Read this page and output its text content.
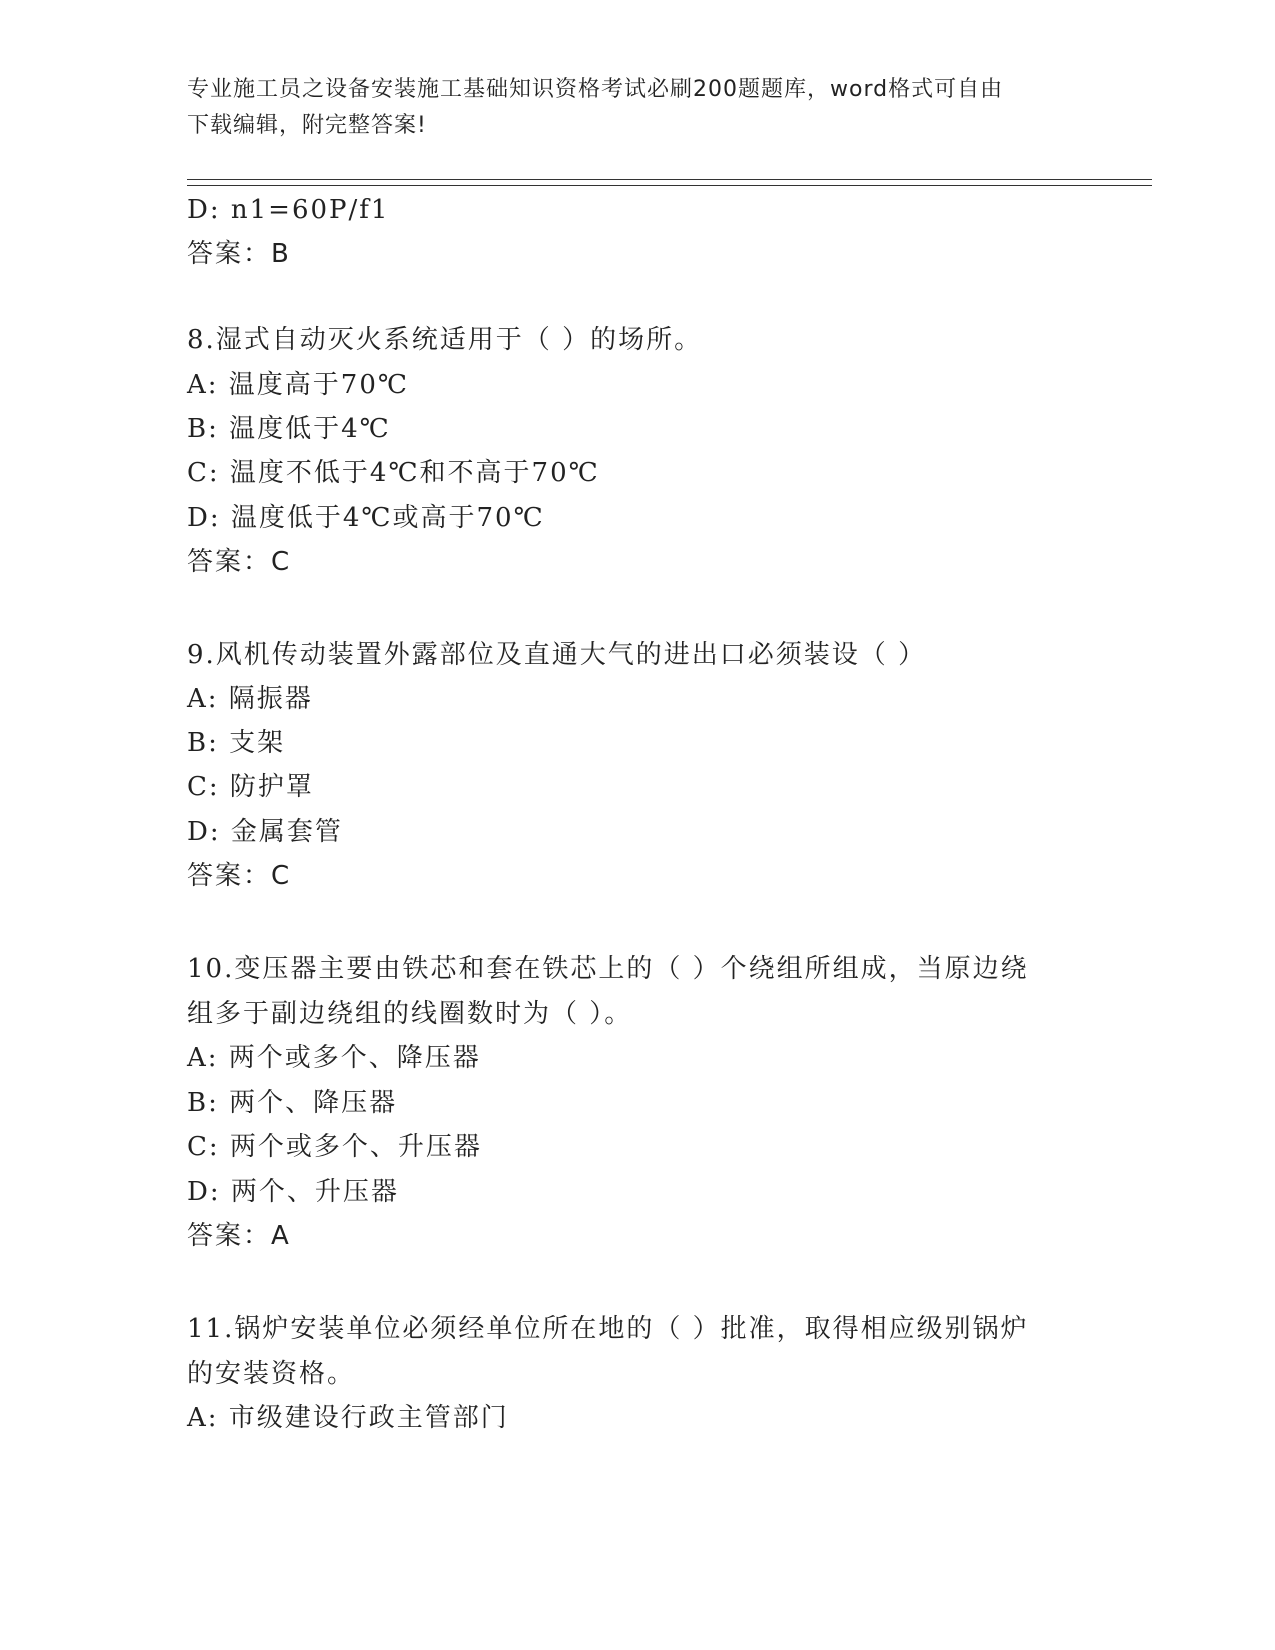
专业施工员之设备安装施工基础知识资格考试必刷200题题库，word格式可自由
下载编辑，附完整答案!
D: n1=60P/f1
答案：B
8.湿式自动灭火系统适用于（ ）的场所。
A: 温度高于70℃
B: 温度低于4℃
C: 温度不低于4℃和不高于70℃
D: 温度低于4℃或高于70℃
答案：C
9.风机传动装置外露部位及直通大气的进出口必须装设（ ）
A: 隔振器
B: 支架
C: 防护罩
D: 金属套管
答案：C
10.变压器主要由铁芯和套在铁芯上的（ ）个绕组所组成，当原边绕
组多于副边绕组的线圈数时为（ ）。
A: 两个或多个、降压器
B: 两个、降压器
C: 两个或多个、升压器
D: 两个、升压器
答案：A
11.锅炉安装单位必须经单位所在地的（ ）批准，取得相应级别锅炉
的安装资格。
A: 市级建设行政主管部门
